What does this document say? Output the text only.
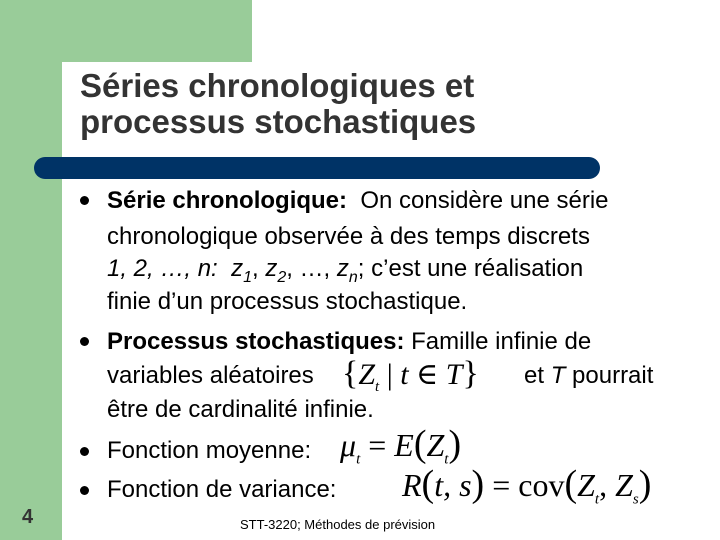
Séries chronologiques et
processus stochastiques
Série chronologique: On considère une série
chronologique observée à des temps discrets
1, 2, …, n: $z_1$, $z_2$, …, $z_n$; c’est une réalisation
finie d’un processus stochastique.
Processus stochastiques: Famille infinie de
variables aléatoires	et T pourrait
{$Z_t$ | t ∈ T}
être de cardinalité infinie.
Fonction moyenne: $\mu_t = E(Z_t)$
Fonction de variance: R(t, $s) = cov(Z_t$, $Z_s$)
4	STT-3220; Méthodes de prévision
